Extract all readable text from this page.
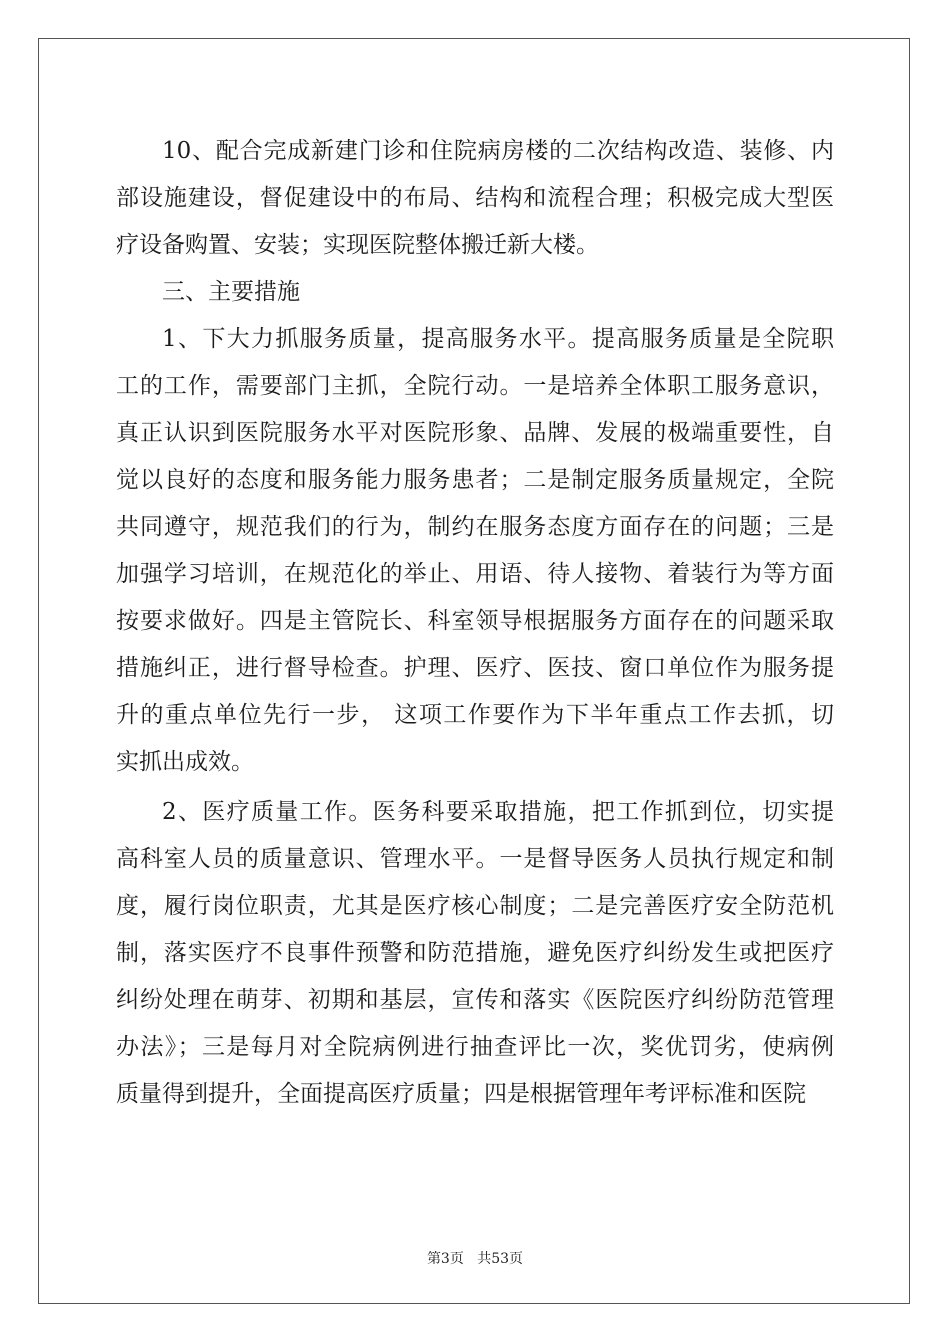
10、配合完成新建门诊和住院病房楼的二次结构改造、装修、内
部设施建设，督促建设中的布局、结构和流程合理；积极完成大型医
疗设备购置、安装；实现医院整体搬迁新大楼。
三、主要措施
1、下大力抓服务质量，提高服务水平。提高服务质量是全院职
工的工作，需要部门主抓，全院行动。一是培养全体职工服务意识，
真正认识到医院服务水平对医院形象、品牌、发展的极端重要性，自
觉以良好的态度和服务能力服务患者；二是制定服务质量规定，全院
共同遵守，规范我们的行为，制约在服务态度方面存在的问题；三是
加强学习培训，在规范化的举止、用语、待人接物、着装行为等方面
按要求做好。四是主管院长、科室领导根据服务方面存在的问题采取
措施纠正，进行督导检查。护理、医疗、医技、窗口单位作为服务提
升的重点单位先行一步， 这项工作要作为下半年重点工作去抓，切
实抓出成效。
2、医疗质量工作。医务科要采取措施，把工作抓到位，切实提
高科室人员的质量意识、管理水平。一是督导医务人员执行规定和制
度，履行岗位职责，尤其是医疗核心制度；二是完善医疗安全防范机
制，落实医疗不良事件预警和防范措施，避免医疗纠纷发生或把医疗
纠纷处理在萌芽、初期和基层，宣传和落实《医院医疗纠纷防范管理
办法》；三是每月对全院病例进行抽查评比一次，奖优罚劣，使病例
质量得到提升，全面提高医疗质量；四是根据管理年考评标准和医院
第3页 共53页
